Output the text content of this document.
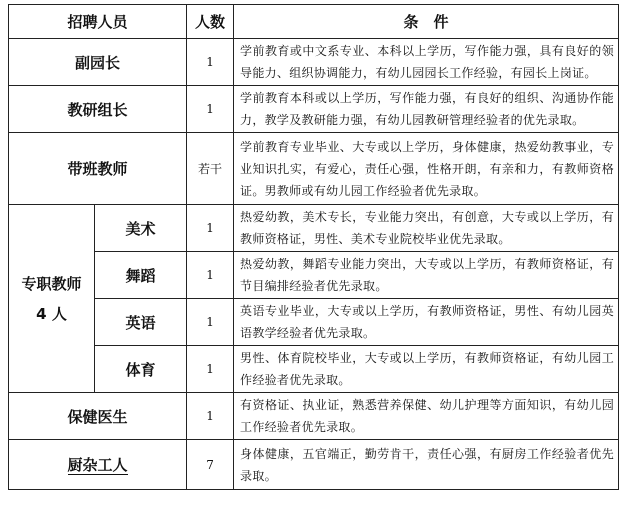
招聘人员		人数	条　件
副园长		1	学前教育或中文系专业、本科以上学历，写作能力强，具有良好的领导能力、组织协调能力，有幼儿园园长工作经验，有园长上岗证。
教研组长		1	学前教育本科或以上学历，写作能力强，有良好的组织、沟通协作能力，教学及教研能力强，有幼儿园教研管理经验者的优先录取。
带班教师		若干	学前教育专业毕业、大专或以上学历，身体健康，热爱幼教事业，专业知识扎实，有爱心，责任心强，性格开朗，有亲和力，有教师资格证。男教师或有幼儿园工作经验者优先录取。

专职教师
4 人	美术	1	热爱幼教，美术专长，专业能力突出，有创意，大专或以上学历，有教师资格证，男性、美术专业院校毕业优先录取。
	舞蹈	1	热爱幼教，舞蹈专业能力突出，大专或以上学历，有教师资格证，有节目编排经验者优先录取。
	英语	1	英语专业毕业，大专或以上学历，有教师资格证，男性、有幼儿园英语教学经验者优先录取。
	体育	1	男性、体育院校毕业，大专或以上学历，有教师资格证，有幼儿园工作经验者优先录取。
保健医生		1	有资格证、执业证，熟悉营养保健、幼儿护理等方面知识，有幼儿园工作经验者优先录取。
厨杂工人		7	身体健康，五官端正，勤劳肯干，责任心强，有厨房工作经验者优先录取。
